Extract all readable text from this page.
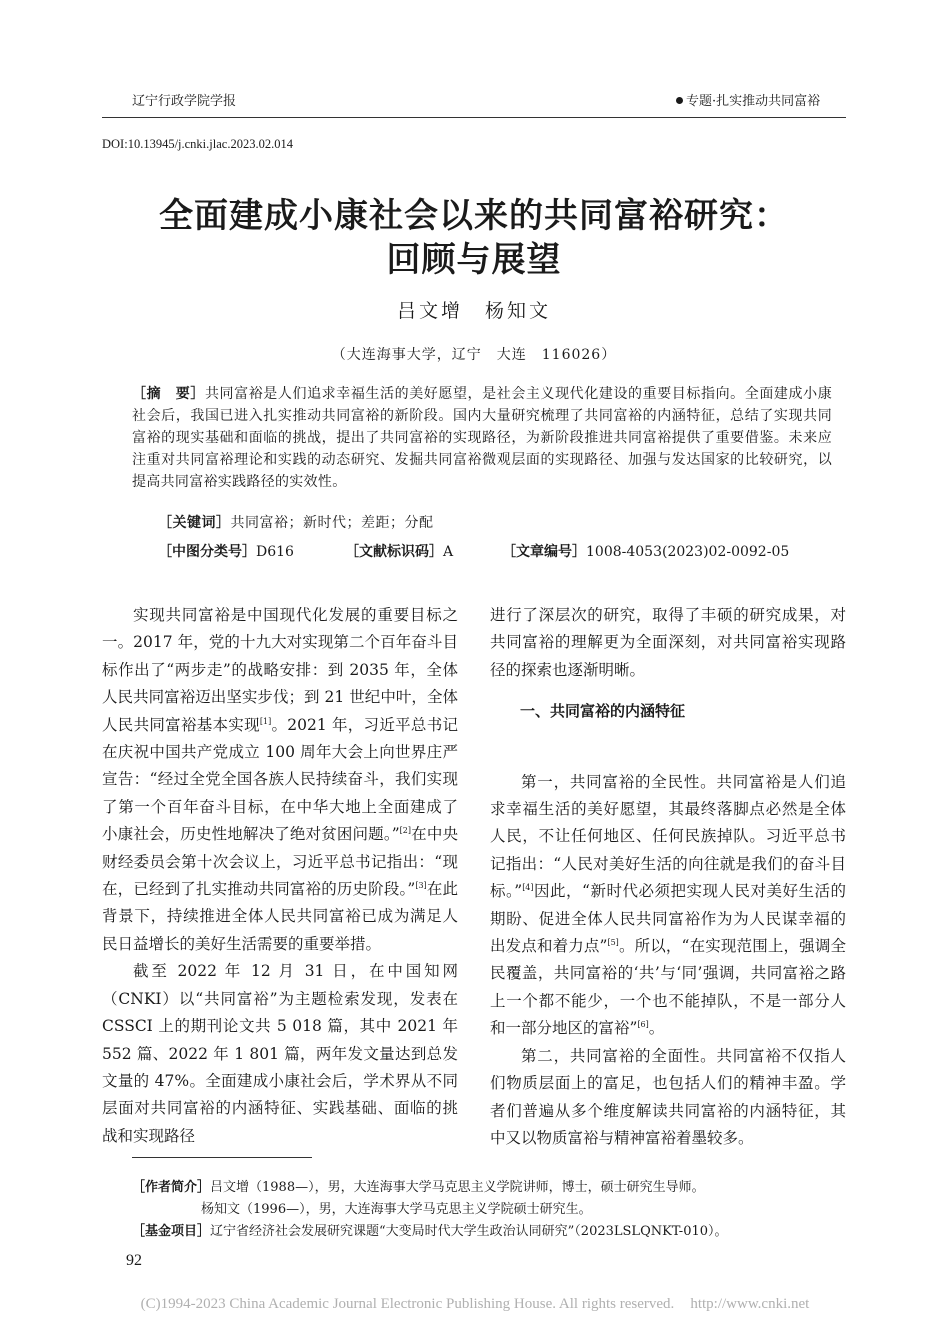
辽宁行政学院学报	专题·扎实推动共同富裕
DOI:10.13945/j.cnki.jlac.2023.02.014
全面建成小康社会以来的共同富裕研究：
回顾与展望
吕文增　杨知文
（大连海事大学，辽宁　大连　116026）
［摘　要］共同富裕是人们追求幸福生活的美好愿望，是社会主义现代化建设的重要目标指向。全面建成小康社会后，我国已进入扎实推动共同富裕的新阶段。国内大量研究梳理了共同富裕的内涵特征，总结了实现共同富裕的现实基础和面临的挑战，提出了共同富裕的实现路径，为新阶段推进共同富裕提供了重要借鉴。未来应注重对共同富裕理论和实践的动态研究、发掘共同富裕微观层面的实现路径、加强与发达国家的比较研究，以提高共同富裕实践路径的实效性。
［关键词］共同富裕；新时代；差距；分配
［中图分类号］D616	［文献标识码］A	［文章编号］1008-4053(2023)02-0092-05

实现共同富裕是中国现代化发展的重要目标之一。2017 年，党的十九大对实现第二个百年奋斗目标作出了“两步走”的战略安排：到 2035 年，全体人民共同富裕迈出坚实步伐；到 21 世纪中叶，全体人民共同富裕基本实现[1]。2021 年，习近平总书记在庆祝中国共产党成立 100 周年大会上向世界庄严宣告：“经过全党全国各族人民持续奋斗，我们实现了第一个百年奋斗目标，在中华大地上全面建成了小康社会，历史性地解决了绝对贫困问题。”[2]在中央财经委员会第十次会议上，习近平总书记指出：“现在，已经到了扎实推动共同富裕的历史阶段。”[3]在此背景下，持续推进全体人民共同富裕已成为满足人民日益增长的美好生活需要的重要举措。

截至 2022 年 12 月 31 日，在中国知网（CNKI）以“共同富裕”为主题检索发现，发表在 CSSCI 上的期刊论文共 5 018 篇，其中 2021 年 552 篇、2022 年 1 801 篇，两年发文量达到总发文量的 47%。全面建成小康社会后，学术界从不同层面对共同富裕的内涵特征、实践基础、面临的挑战和实现路径

进行了深层次的研究，取得了丰硕的研究成果，对共同富裕的理解更为全面深刻，对共同富裕实现路径的探索也逐渐明晰。

一、共同富裕的内涵特征

第一，共同富裕的全民性。共同富裕是人们追求幸福生活的美好愿望，其最终落脚点必然是全体人民，不让任何地区、任何民族掉队。习近平总书记指出：“人民对美好生活的向往就是我们的奋斗目标。”[4]因此，“新时代必须把实现人民对美好生活的期盼、促进全体人民共同富裕作为为人民谋幸福的出发点和着力点”[5]。所以，“在实现范围上，强调全民覆盖，共同富裕的‘共’与‘同’强调，共同富裕之路上一个都不能少，一个也不能掉队，不是一部分人和一部分地区的富裕”[6]。

第二，共同富裕的全面性。共同富裕不仅指人们物质层面上的富足，也包括人们的精神丰盈。学者们普遍从多个维度解读共同富裕的内涵特征，其中又以物质富裕与精神富裕着墨较多。

［作者简介］吕文增（1988—），男，大连海事大学马克思主义学院讲师，博士，硕士研究生导师。
杨知文（1996—），男，大连海事大学马克思主义学院硕士研究生。
［基金项目］辽宁省经济社会发展研究课题“大变局时代大学生政治认同研究”（2023LSLQNKT-010）。
92
(C)1994-2023 China Academic Journal Electronic Publishing House. All rights reserved. http://www.cnki.net
